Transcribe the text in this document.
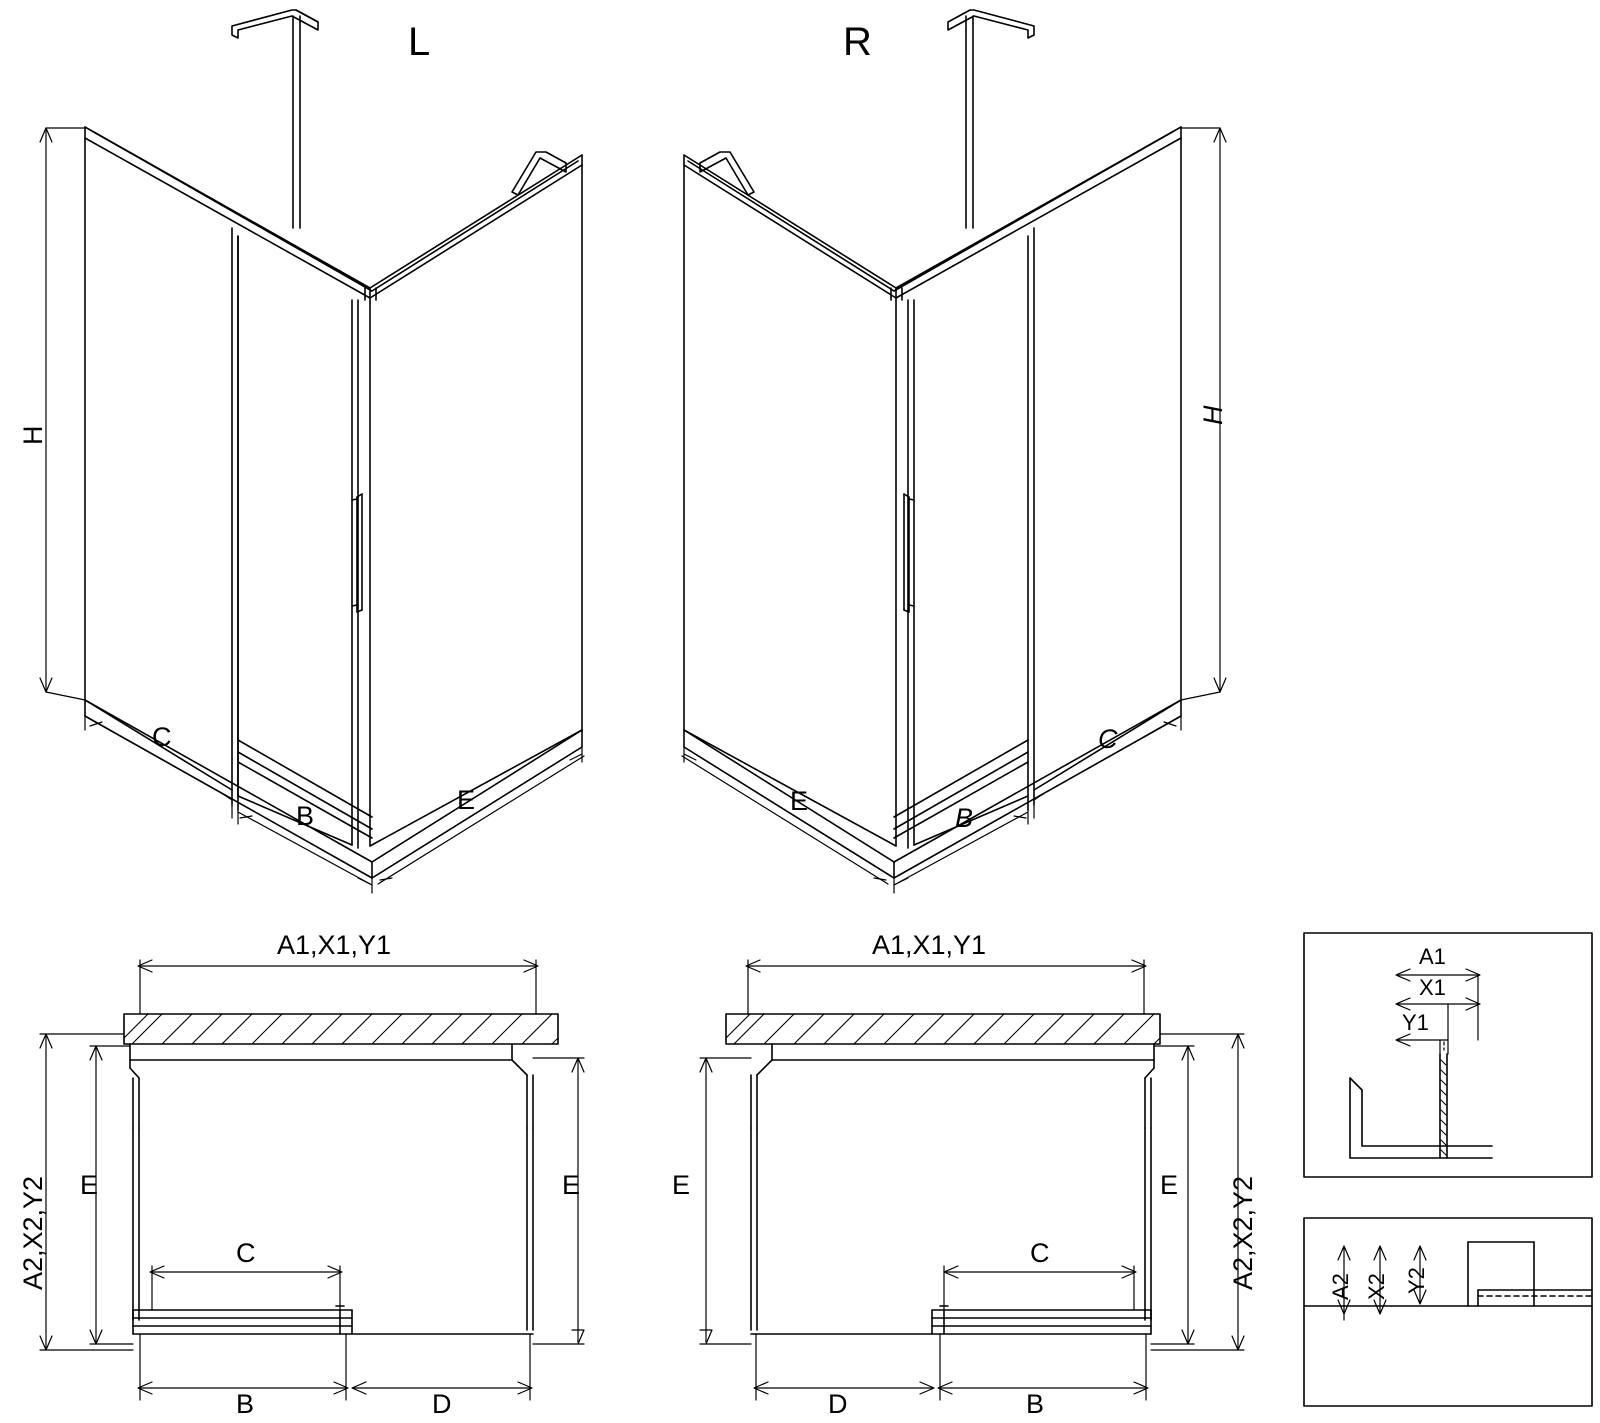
L
H
C
B
E
R
H
C
B
E
A1,X1,Y1
A2,X2,Y2 E	E
C
B	D
A1,X1,Y1
A2,X2,Y2
E	E
C
D	B
A1
X1
Y1
A2 X2 Y2
